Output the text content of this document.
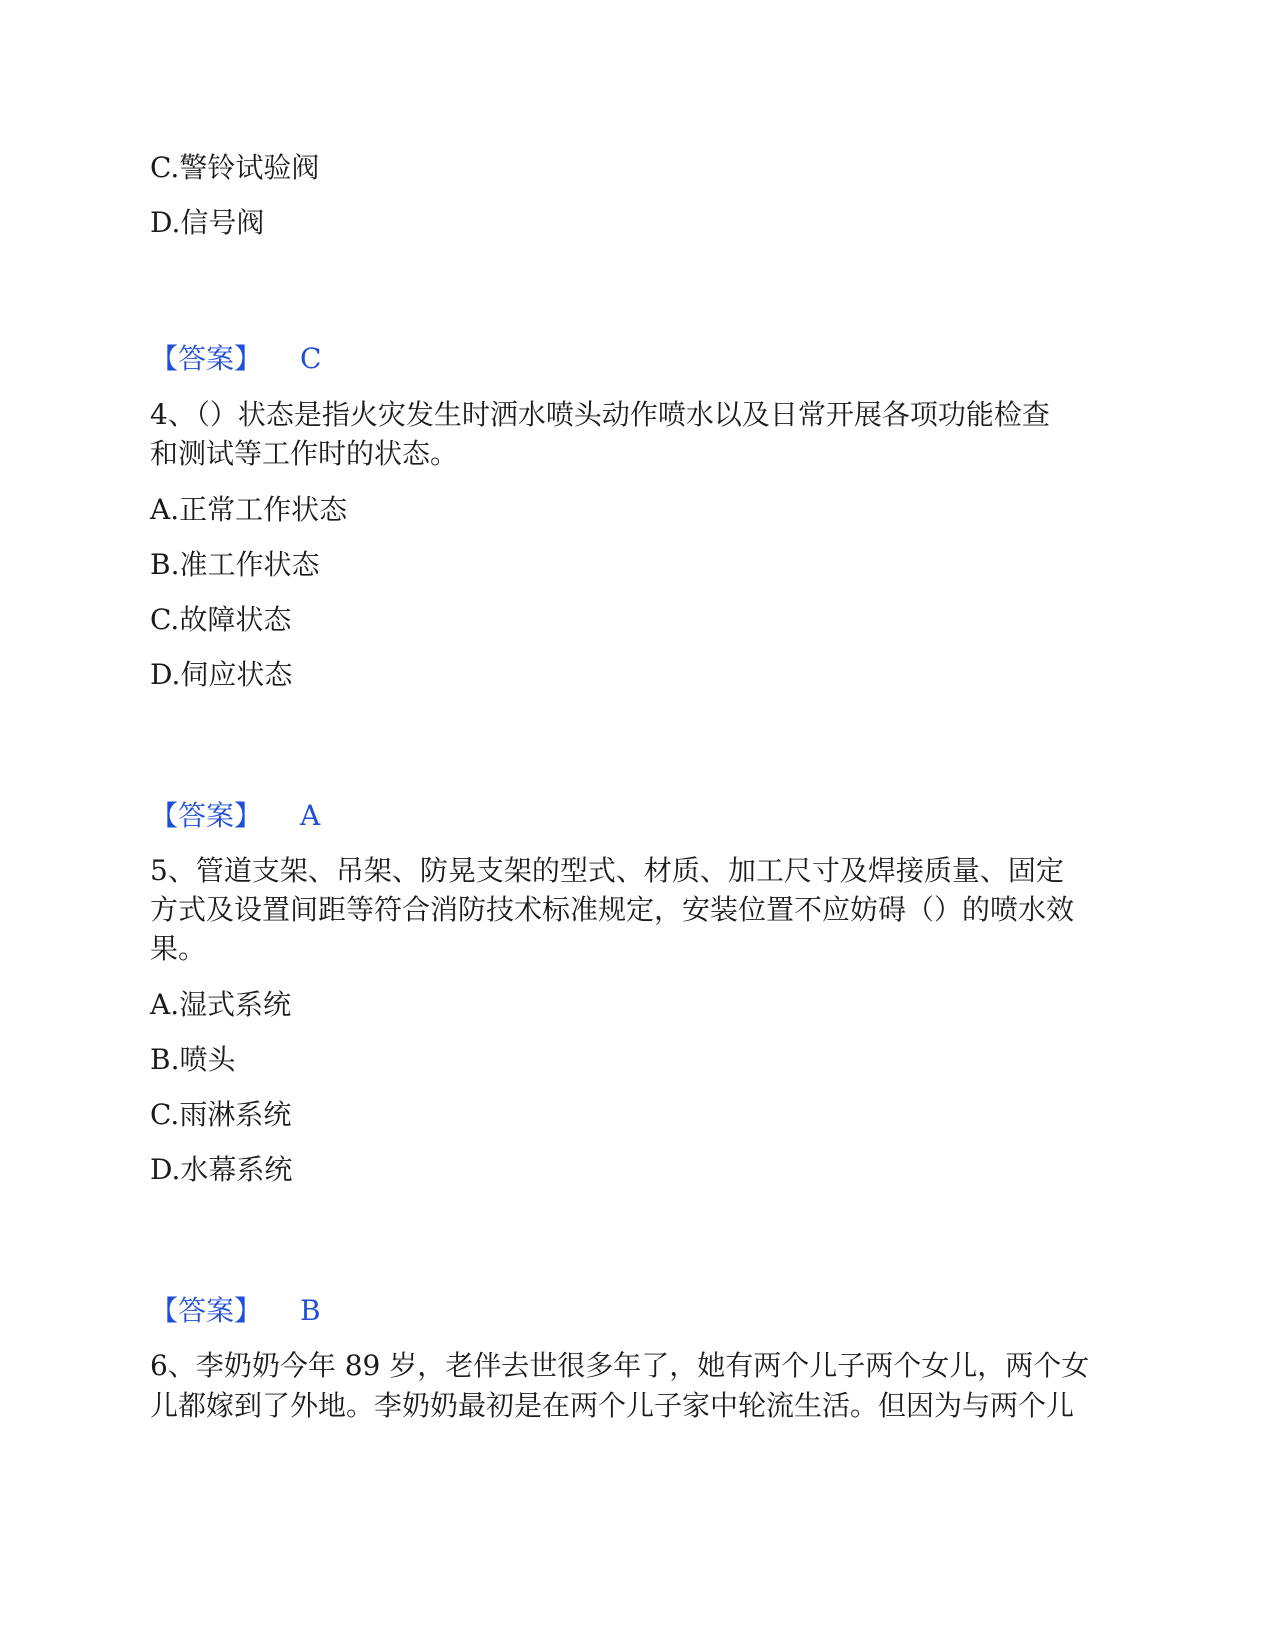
C.警铃试验阀
D.信号阀
【答案】 C
4、（）状态是指火灾发生时洒水喷头动作喷水以及日常开展各项功能检查
和测试等工作时的状态。
A.正常工作状态
B.准工作状态
C.故障状态
D.伺应状态
【答案】 A
5、管道支架、吊架、防晃支架的型式、材质、加工尺寸及焊接质量、固定
方式及设置间距等符合消防技术标准规定，安装位置不应妨碍（）的喷水效
果。
A.湿式系统
B.喷头
C.雨淋系统
D.水幕系统
【答案】 B
6、李奶奶今年 89 岁，老伴去世很多年了，她有两个儿子两个女儿，两个女
儿都嫁到了外地。李奶奶最初是在两个儿子家中轮流生活。但因为与两个儿
